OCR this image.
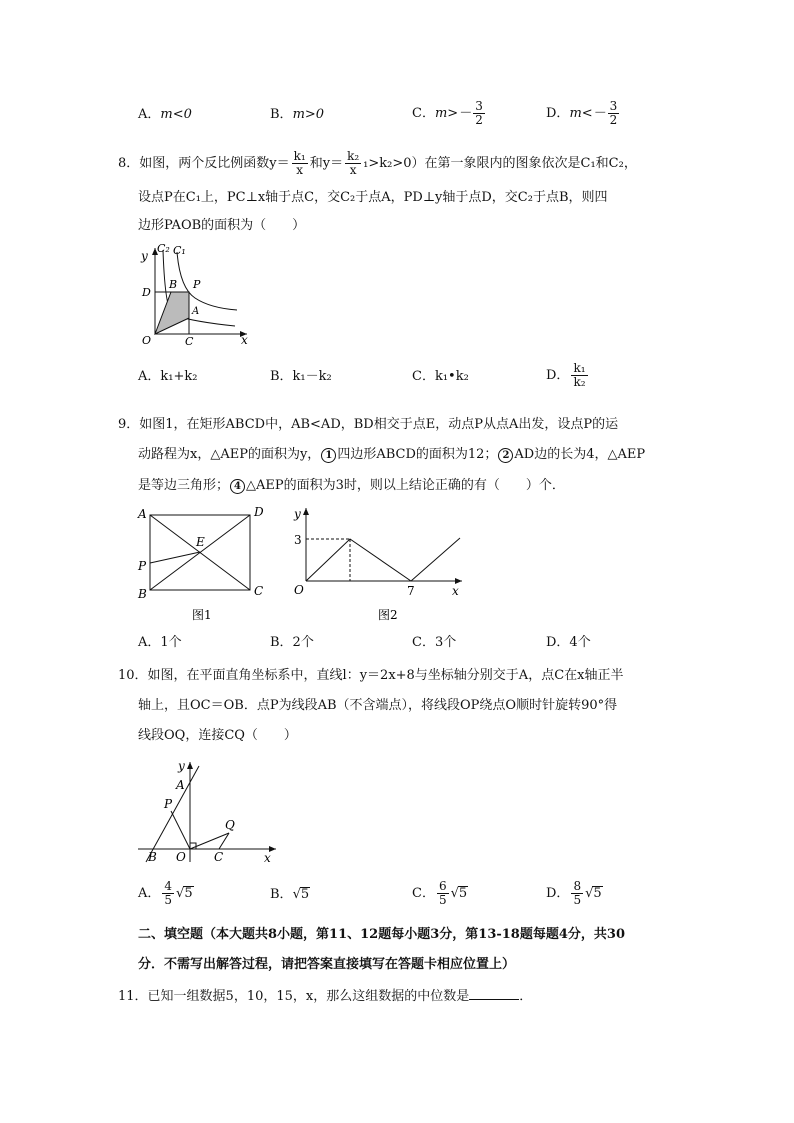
A．m<0	B．m>0	C．$m>- \frac{3}{2}$	D．$m<- \frac{3}{2}$
8．如图，两个反比例函数$y= \frac{\text{k₁}}{x}$ 和$y= \frac{\text{k₂}}{x} _1>k_2>0$）在第一象限内的图象依次是C₁和C₂，
设点P在C₁上，PC⊥x轴于点C，交C₂于点A，PD⊥y轴于点D，交C₂于点B，则四
边形PAOB的面积为（　　）
y
x
C₂ C₁
D
B P
A
O	C
A．k₁+k₂	B．k₁－k₂	C．k₁•k₂	D． $\frac{\text{k₁}}{\text{k₂}}$
9．如图1，在矩形ABCD中，AB<AD，BD相交于点E，动点P从点A出发，设点P的运
动路程为x，△AEP的面积为y， 1 四边形ABCD的面积为12； 2 AD边的长为4，△AEP
是等边三角形； 4 △AEP的面积为3时，则以上结论正确的有（　　）个．
A	D
E
P
B	C
图1
y
3
O	7	x
图2
A．1个	B．2个	C．3个	D．4个
10．如图，在平面直角坐标系中，直线l：y＝2x+8与坐标轴分别交于A，点C在x轴正半
轴上，且OC＝OB．点P为线段AB（不含端点），将线段OP绕点O顺时针旋转90°得
线段OQ，连接CQ（　　）
y
A
P
Q
B O C	x
A． $\frac{4}{5} √5$	B．√5	C． $\frac{6}{5} √5$	D． $\frac{8}{5} √5$
二、填空题（本大题共8小题，第11、12题每小题3分，第13-18题每题4分，共30
分．不需写出解答过程，请把答案直接填写在答题卡相应位置上）
11．已知一组数据5，10，15，x，那么这组数据的中位数是	．
